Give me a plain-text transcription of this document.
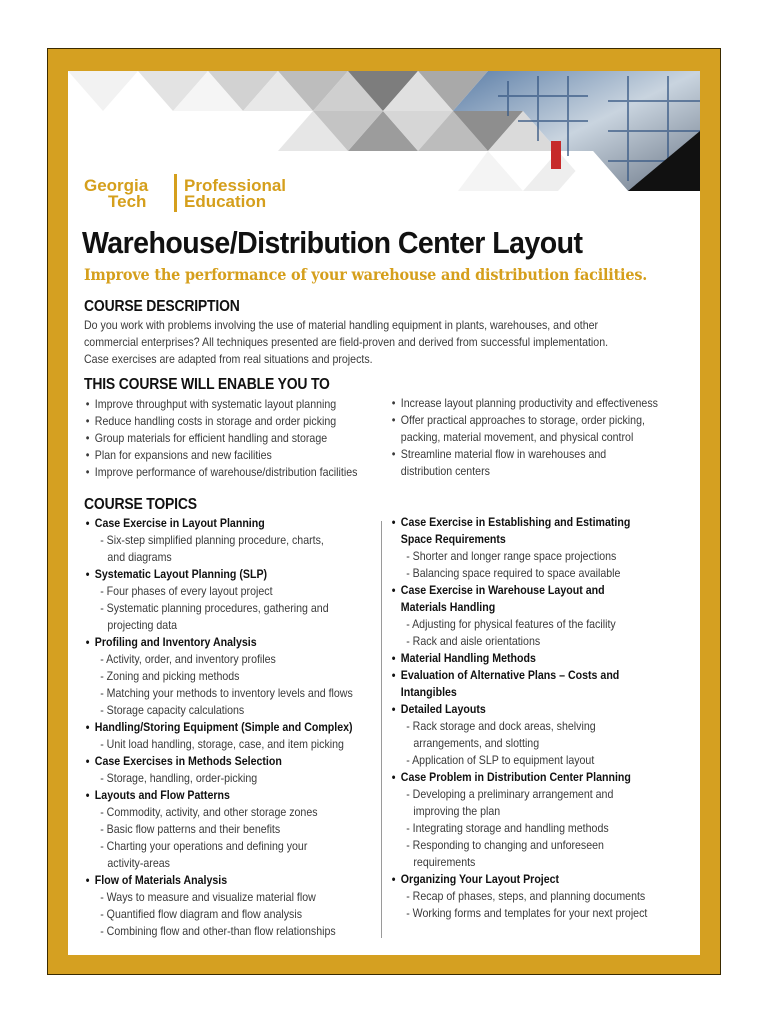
Georgia
Tech
Professional
Education
Warehouse/Distribution Center Layout
Improve the performance of your warehouse and distribution facilities.
COURSE DESCRIPTION

Do you work with problems involving the use of material handling equipment in plants, warehouses, and other

commercial enterprises? All techniques presented are field-proven and derived from successful implementation.

Case exercises are adapted from real situations and projects.

THIS COURSE WILL ENABLE YOU TO
• Improve throughput with systematic layout planning
• Reduce handling costs in storage and order picking
• Group materials for efficient handling and storage
• Plan for expansions and new facilities
• Improve performance of warehouse/distribution facilities
• Increase layout planning productivity and effectiveness
• Offer practical approaches to storage, order picking,
packing, material movement, and physical control
• Streamline material flow in warehouses and
distribution centers
COURSE TOPICS
• Case Exercise in Layout Planning
- Six-step simplified planning procedure, charts,
and diagrams
• Systematic Layout Planning (SLP)
- Four phases of every layout project
- Systematic planning procedures, gathering and
projecting data
• Profiling and Inventory Analysis
- Activity, order, and inventory profiles
- Zoning and picking methods
- Matching your methods to inventory levels and flows
- Storage capacity calculations
• Handling/Storing Equipment (Simple and Complex)
- Unit load handling, storage, case, and item picking
• Case Exercises in Methods Selection
- Storage, handling, order-picking
• Layouts and Flow Patterns
- Commodity, activity, and other storage zones
- Basic flow patterns and their benefits
- Charting your operations and defining your
activity-areas
• Flow of Materials Analysis
- Ways to measure and visualize material flow
- Quantified flow diagram and flow analysis
- Combining flow and other-than flow relationships
• Case Exercise in Establishing and Estimating
Space Requirements
- Shorter and longer range space projections
- Balancing space required to space available
• Case Exercise in Warehouse Layout and
Materials Handling
- Adjusting for physical features of the facility
- Rack and aisle orientations
• Material Handling Methods
• Evaluation of Alternative Plans – Costs and
Intangibles
• Detailed Layouts
- Rack storage and dock areas, shelving
arrangements, and slotting
- Application of SLP to equipment layout
• Case Problem in Distribution Center Planning
- Developing a preliminary arrangement and
improving the plan
- Integrating storage and handling methods
- Responding to changing and unforeseen
requirements
• Organizing Your Layout Project
- Recap of phases, steps, and planning documents
- Working forms and templates for your next project
